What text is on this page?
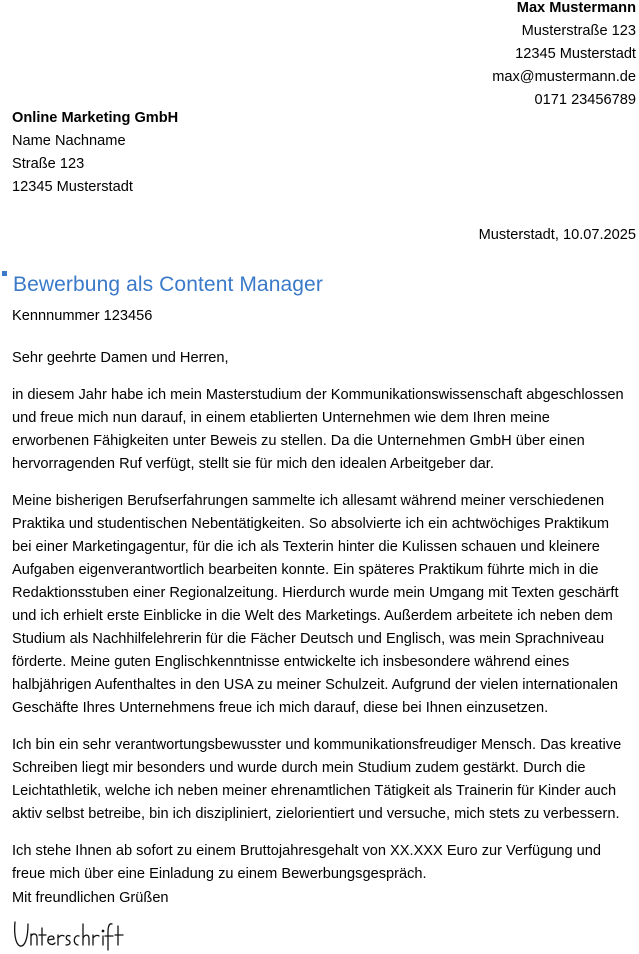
Max Mustermann
Musterstraße 123
12345 Musterstadt
max@mustermann.de
0171 23456789
Online Marketing GmbH
Name Nachname
Straße 123
12345 Musterstadt
Musterstadt, 10.07.2025
Bewerbung als Content Manager
Kennnummer 123456

Sehr geehrte Damen und Herren,

in diesem Jahr habe ich mein Masterstudium der Kommunikationswissenschaft abgeschlossen
und freue mich nun darauf, in einem etablierten Unternehmen wie dem Ihren meine
erworbenen Fähigkeiten unter Beweis zu stellen. Da die Unternehmen GmbH über einen
hervorragenden Ruf verfügt, stellt sie für mich den idealen Arbeitgeber dar.

Meine bisherigen Berufserfahrungen sammelte ich allesamt während meiner verschiedenen
Praktika und studentischen Nebentätigkeiten. So absolvierte ich ein achtwöchiges Praktikum
bei einer Marketingagentur, für die ich als Texterin hinter die Kulissen schauen und kleinere
Aufgaben eigenverantwortlich bearbeiten konnte. Ein späteres Praktikum führte mich in die
Redaktionsstuben einer Regionalzeitung. Hierdurch wurde mein Umgang mit Texten geschärft
und ich erhielt erste Einblicke in die Welt des Marketings. Außerdem arbeitete ich neben dem
Studium als Nachhilfelehrerin für die Fächer Deutsch und Englisch, was mein Sprachniveau
förderte. Meine guten Englischkenntnisse entwickelte ich insbesondere während eines
halbjährigen Aufenthaltes in den USA zu meiner Schulzeit. Aufgrund der vielen internationalen
Geschäfte Ihres Unternehmens freue ich mich darauf, diese bei Ihnen einzusetzen.

Ich bin ein sehr verantwortungsbewusster und kommunikationsfreudiger Mensch. Das kreative
Schreiben liegt mir besonders und wurde durch mein Studium zudem gestärkt. Durch die
Leichtathletik, welche ich neben meiner ehrenamtlichen Tätigkeit als Trainerin für Kinder auch
aktiv selbst betreibe, bin ich diszipliniert, zielorientiert und versuche, mich stets zu verbessern.

Ich stehe Ihnen ab sofort zu einem Bruttojahresgehalt von XX.XXX Euro zur Verfügung und
freue mich über eine Einladung zu einem Bewerbungsgespräch.

Mit freundlichen Grüßen
